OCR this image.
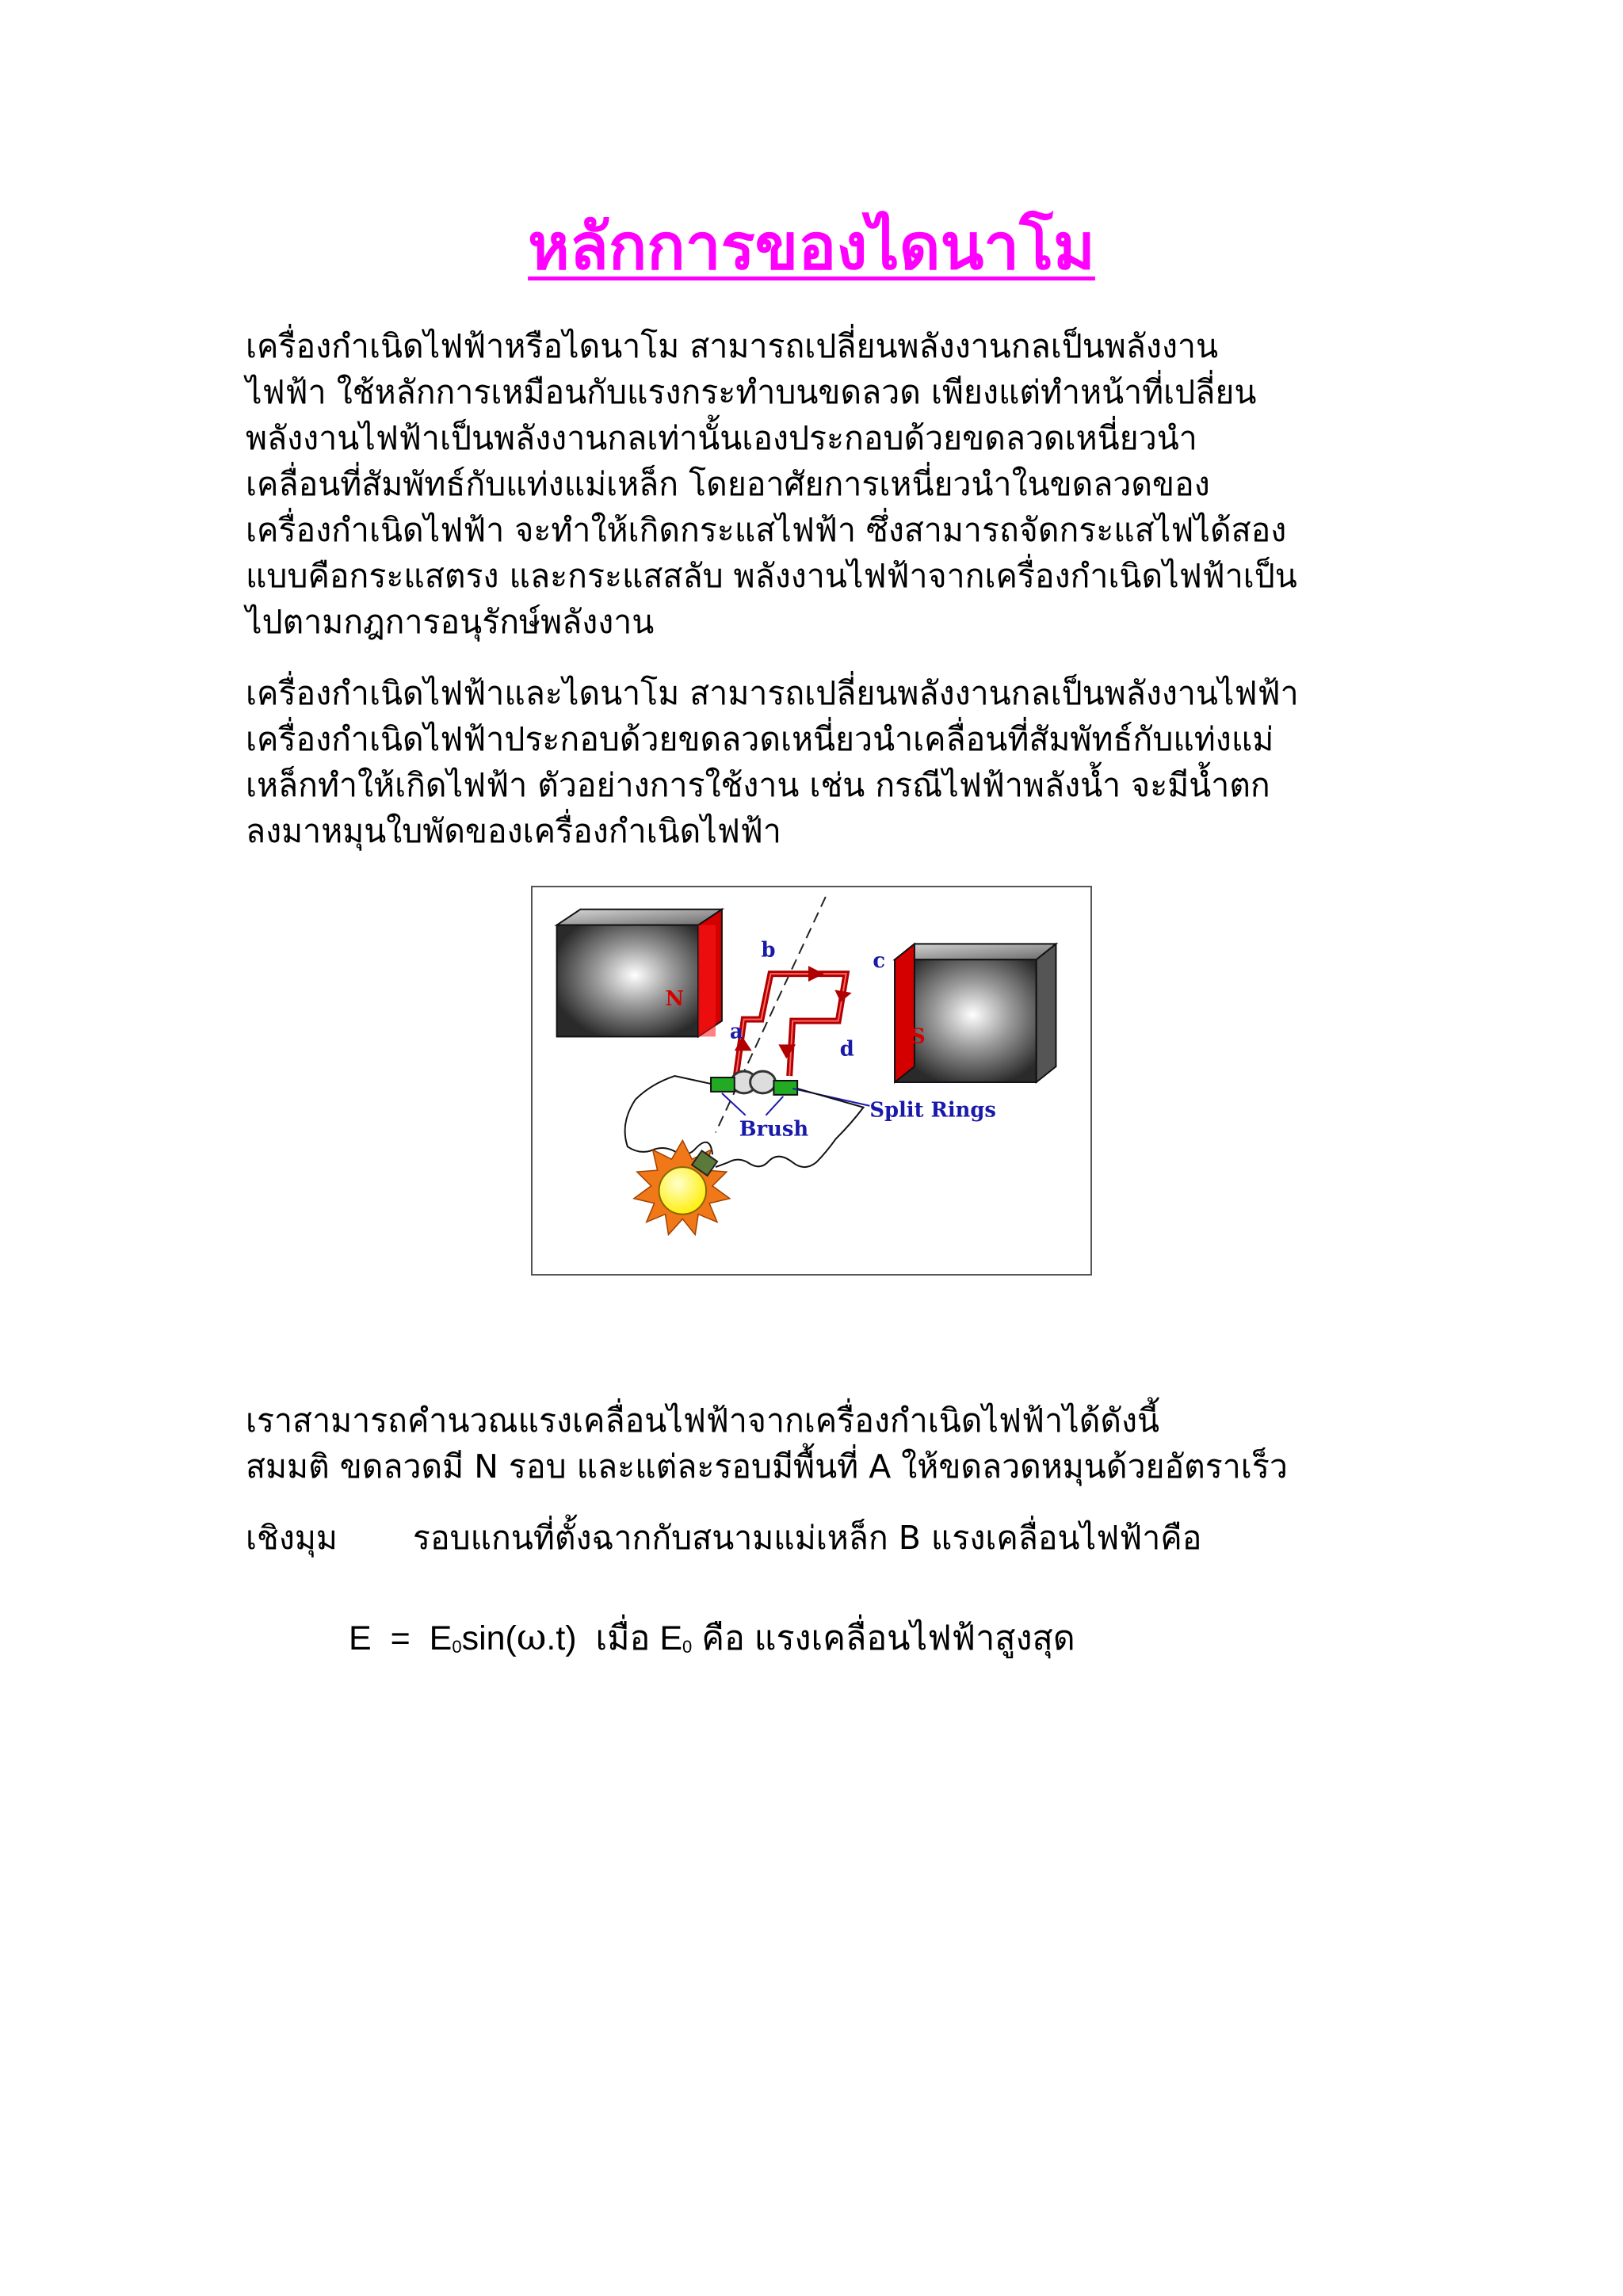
หลักการของไดนาโม
เครื่องกำเนิดไฟฟ้าหรือไดนาโม สามารถเปลี่ยนพลังงานกลเป็นพลังงาน
ไฟฟ้า ใช้หลักการเหมือนกับแรงกระทำบนขดลวด เพียงแต่ทำหน้าที่เปลี่ยน
พลังงานไฟฟ้าเป็นพลังงานกลเท่านั้นเองประกอบด้วยขดลวดเหนี่ยวนำ
เคลื่อนที่สัมพัทธ์กับแท่งแม่เหล็ก โดยอาศัยการเหนี่ยวนำในขดลวดของ
เครื่องกำเนิดไฟฟ้า จะทำให้เกิดกระแสไฟฟ้า ซึ่งสามารถจัดกระแสไฟได้สอง
แบบคือกระแสตรง และกระแสสลับ พลังงานไฟฟ้าจากเครื่องกำเนิดไฟฟ้าเป็น
ไปตามกฎการอนุรักษ์พลังงาน
เครื่องกำเนิดไฟฟ้าและไดนาโม สามารถเปลี่ยนพลังงานกลเป็นพลังงานไฟฟ้า
เครื่องกำเนิดไฟฟ้าประกอบด้วยขดลวดเหนี่ยวนำเคลื่อนที่สัมพัทธ์กับแท่งแม่
เหล็กทำให้เกิดไฟฟ้า ตัวอย่างการใช้งาน เช่น กรณีไฟฟ้าพลังน้ำ จะมีน้ำตก
ลงมาหมุนใบพัดของเครื่องกำเนิดไฟฟ้า
N
S
b	c
a
d
Split Rings
Brush
เราสามารถคำนวณแรงเคลื่อนไฟฟ้าจากเครื่องกำเนิดไฟฟ้าได้ดังนี้
สมมติ ขดลวดมี N รอบ และแต่ละรอบมีพื้นที่ A ให้ขดลวดหมุนด้วยอัตราเร็ว
เชิงมุม รอบแกนที่ตั้งฉากกับสนามแม่เหล็ก B แรงเคลื่อนไฟฟ้าคือ
E = E0sin(ω.t) เมื่อ E0 คือ แรงเคลื่อนไฟฟ้าสูงสุด
